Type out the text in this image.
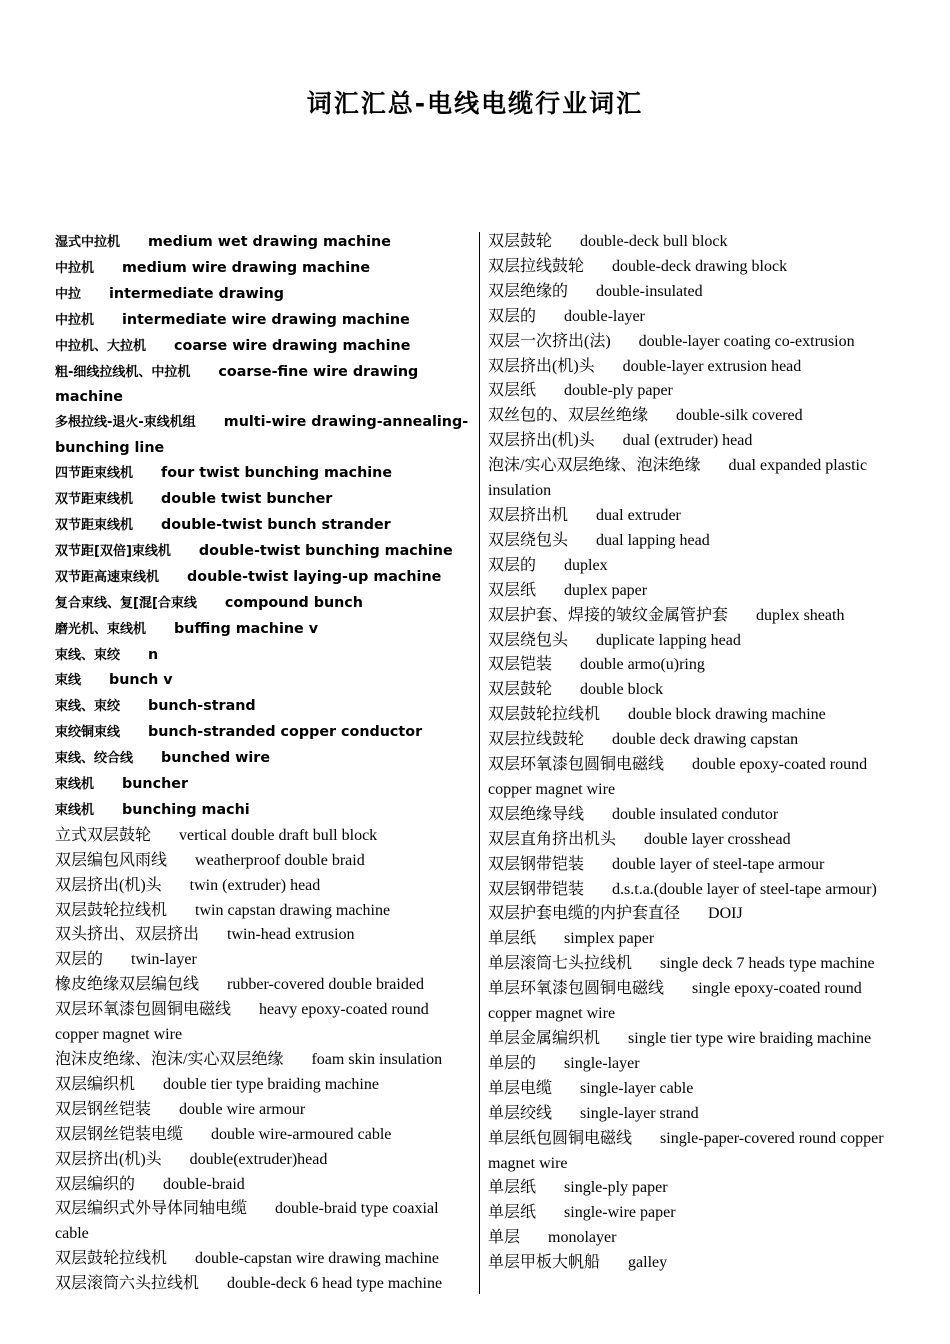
词汇汇总-电线电缆行业词汇

湿式中拉机 medium wet drawing machine

中拉机 medium wire drawing machine

中拉 intermediate drawing

中拉机 intermediate wire drawing machine

中拉机、大拉机 coarse wire drawing machine

粗-细线拉线机、中拉机 coarse-fine wire drawing machine

多根拉线-退火-束线机组 multi-wire drawing-annealing-bunching line

四节距束线机 four twist bunching machine

双节距束线机 double twist buncher

双节距束线机 double-twist bunch strander

双节距[双倍]束线机 double-twist bunching machine

双节距高速束线机 double-twist laying-up machine

复合束线、复[混[合束线 compound bunch

磨光机、束线机 buffing machine v

束线、束绞 n

束线 bunch v

束线、束绞 bunch-strand

束绞铜束线 bunch-stranded copper conductor

束线、绞合线 bunched wire

束线机 buncher

束线机 bunching machi

立式双层鼓轮 vertical double draft bull block

双层编包风雨线 weatherproof double braid

双层挤出(机)头 twin (extruder) head

双层鼓轮拉线机 twin capstan drawing machine

双头挤出、双层挤出 twin-head extrusion

双层的 twin-layer

橡皮绝缘双层编包线 rubber-covered double braided

双层环氧漆包圆铜电磁线 heavy epoxy-coated round copper magnet wire

泡沫皮绝缘、泡沫/实心双层绝缘 foam skin insulation

双层编织机 double tier type braiding machine

双层钢丝铠装 double wire armour

双层钢丝铠装电缆 double wire-armoured cable

双层挤出(机)头 double(extruder)head

双层编织的 double-braid

双层编织式外导体同轴电缆 double-braid type coaxial cable

双层鼓轮拉线机 double-capstan wire drawing machine

双层滚筒六头拉线机 double-deck 6 head type machine

双层鼓轮 double-deck bull block

双层拉线鼓轮 double-deck drawing block

双层绝缘的 double-insulated

双层的 double-layer

双层一次挤出(法) double-layer coating co-extrusion

双层挤出(机)头 double-layer extrusion head

双层纸 double-ply paper

双丝包的、双层丝绝缘 double-silk covered

双层挤出(机)头 dual (extruder) head

泡沫/实心双层绝缘、泡沫绝缘 dual expanded plastic insulation

双层挤出机 dual extruder

双层绕包头 dual lapping head

双层的 duplex

双层纸 duplex paper

双层护套、焊接的皱纹金属管护套 duplex sheath

双层绕包头 duplicate lapping head

双层铠装 double armo(u)ring

双层鼓轮 double block

双层鼓轮拉线机 double block drawing machine

双层拉线鼓轮 double deck drawing capstan

双层环氧漆包圆铜电磁线 double epoxy-coated round copper magnet wire

双层绝缘导线 double insulated condutor

双层直角挤出机头 double layer crosshead

双层钢带铠装 double layer of steel-tape armour

双层钢带铠装 d.s.t.a.(double layer of steel-tape armour)

双层护套电缆的内护套直径 DOIJ

单层纸 simplex paper

单层滚筒七头拉线机 single deck 7 heads type machine

单层环氧漆包圆铜电磁线 single epoxy-coated round copper magnet wire

单层金属编织机 single tier type wire braiding machine

单层的 single-layer

单层电缆 single-layer cable

单层绞线 single-layer strand

单层纸包圆铜电磁线 single-paper-covered round copper magnet wire

单层纸 single-ply paper

单层纸 single-wire paper

单层 monolayer

单层甲板大帆船 galley
